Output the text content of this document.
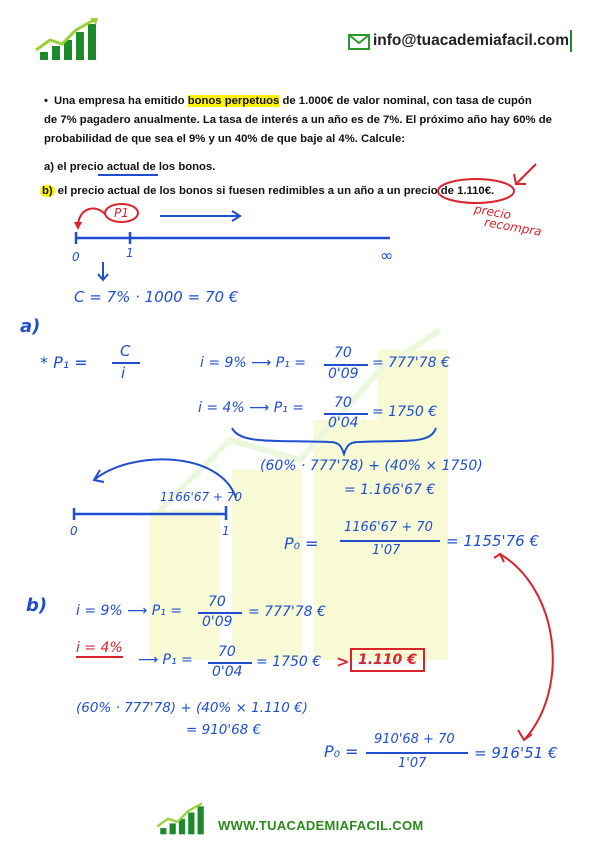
info@tuacademiafacil.com
• Una empresa ha emitido bonos perpetuos de 1.000€ de valor nominal, con tasa de cupón
de 7% pagadero anualmente. La tasa de interés a un año es de 7%. El próximo año hay 60% de
probabilidad de que sea el 9% y un 40% de que baje al 4%. Calcule:
a) el precio actual de los bonos.
b) el precio actual de los bonos si fuesen redimibles a un año a un precio de 1.110€.
precio
recompra
P1
0	1	∞
C = 7% · 1000 = 70 €
a)
* P₁ =
C
i
i = 9% ⟶ P₁ =
70
0'09
= 777'78 €
i = 4% ⟶ P₁ = 70
0'04
= 1750 €
(60% · 777'78) + (40% × 1750)
= 1.166'67 €
1166'67 + 70
0	1
P₀ =
1166'67 + 70
1'07
= 1155'76 €
b) i = 9% ⟶ P₁ =
70
0'09
= 777'78 €
i = 4%
⟶ P₁ = 70
0'04
= 1750 € > 1.110 €
(60% · 777'78) + (40% × 1.110 €)
= 910'68 €
P₀ =
910'68 + 70
1'07
= 916'51 €
WWW.TUACADEMIAFACIL.COM
